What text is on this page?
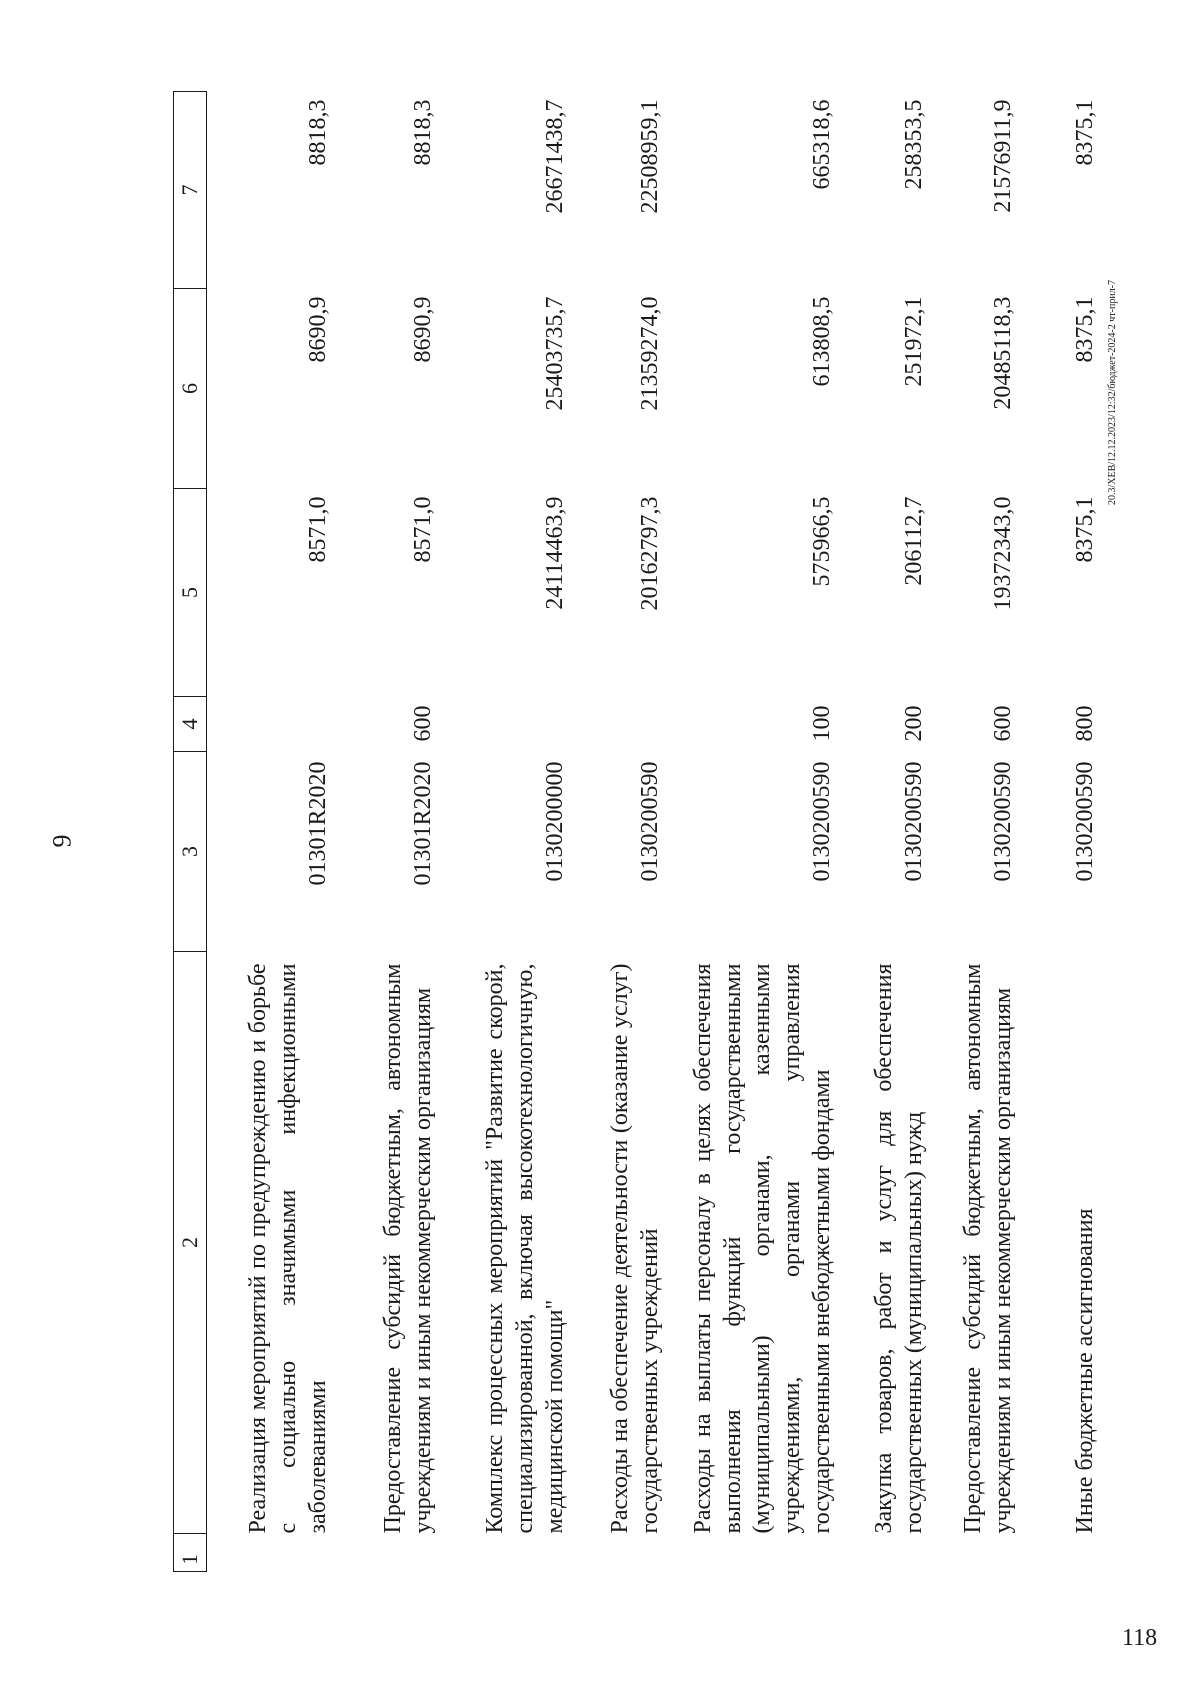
9
1	2	3	4	5	6	7
	Реализация мероприятий по предупреждению и борьбе с социально значимыми инфекционными заболеваниями	01301R2020		8571,0	8690,9	8818,3
	Предоставление субсидий бюджетным, автономным учреждениям и иным некоммерческим организациям	01301R2020	600	8571,0	8690,9	8818,3
	Комплекс процессных мероприятий "Развитие скорой, специализированной, включая высокотехнологичную, медицинской помощи"	0130200000		24114463,9	25403735,7	26671438,7
	Расходы на обеспечение деятельности (оказание услуг) государственных учреждений	0130200590		20162797,3	21359274,0	22508959,1
	Расходы на выплаты персоналу в целях обеспечения выполнения функций государственными (муниципальными) органами, казенными учреждениями, органами управления государственными внебюджетными фондами	0130200590	100	575966,5	613808,5	665318,6
	Закупка товаров, работ и услуг для обеспечения государственных (муниципальных) нужд	0130200590	200	206112,7	251972,1	258353,5
	Предоставление субсидий бюджетным, автономным учреждениям и иным некоммерческим организациям	0130200590	600	19372343,0	20485118,3	21576911,9
	Иные бюджетные ассигнования	0130200590	800	8375,1	8375,1	8375,1
20.3/ХЕВ/12.12.2023/12:32/бюджет-2024-2 чт-прил-7
118
